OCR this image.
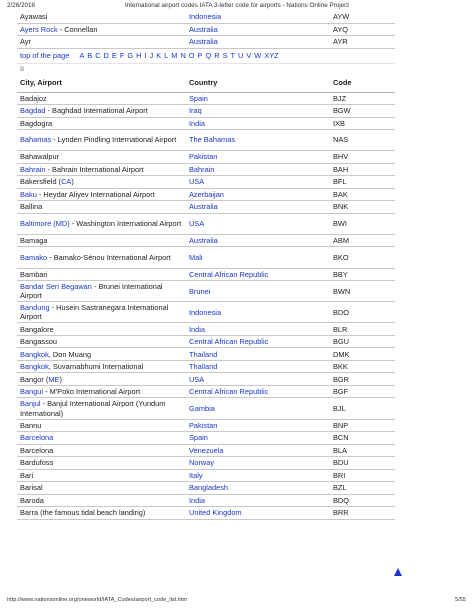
2/26/2018	International airport codes IATA 3-letter code for airports - Nations Online Project
Ayawasi	Indonesia	AYW
Ayers Rock - Connellan	Australia	AYQ
Ayr	Australia	AYR
top of the page A B C D E F G H I J K L M N O P Q R S T U V W XYZ
B
City, Airport	Country	Code
Badajoz	Spain	BJZ
Bagdad - Baghdad International Airport	Iraq	BGW
Bagdogra	India	IXB
Bahamas - Lynden Pindling International Airport	The Bahamas	NAS
Bahawalpur	Pakistan	BHV
Bahrain - Bahrain International Airport	Bahrain	BAH
Bakersfield (CA)	USA	BFL
Baku - Heydar Aliyev International Airport	Azerbaijan	BAK
Ballina	Australia	BNK
Baltimore (MD) - Washington International Airport	USA	BWI
Bamaga	Australia	ABM
Bamako - Bamako-Sénou International Airport	Mali	BKO
Bambari	Central African Republic	BBY
Bandar Seri Begawan - Brunei International Airport	Brunei	BWN
Bandung - Husein Sastranegara International Airport	Indonesia	BDO
Bangalore	India	BLR
Bangassou	Central African Republic	BGU
Bangkok, Don Muang	Thailand	DMK
Bangkok, Suvarnabhumi International	Thailand	BKK
Bangor (ME)	USA	BGR
Bangui - M'Poko International Airport	Central African Republic	BGF
Banjul - Banjul International Airport (Yundum International)	Gambia	BJL
Bannu	Pakistan	BNP
Barcelona	Spain	BCN
Barcelona	Venezuela	BLA
Bardufoss	Norway	BDU
Bari	Italy	BRI
Barisal	Bangladesh	BZL
Baroda	India	BDQ
Barra (the famous tidal beach landing)	United Kingdom	BRR
http://www.nationsonline.org/oneworld/IATA_Codes/airport_code_list.htm	5/55
